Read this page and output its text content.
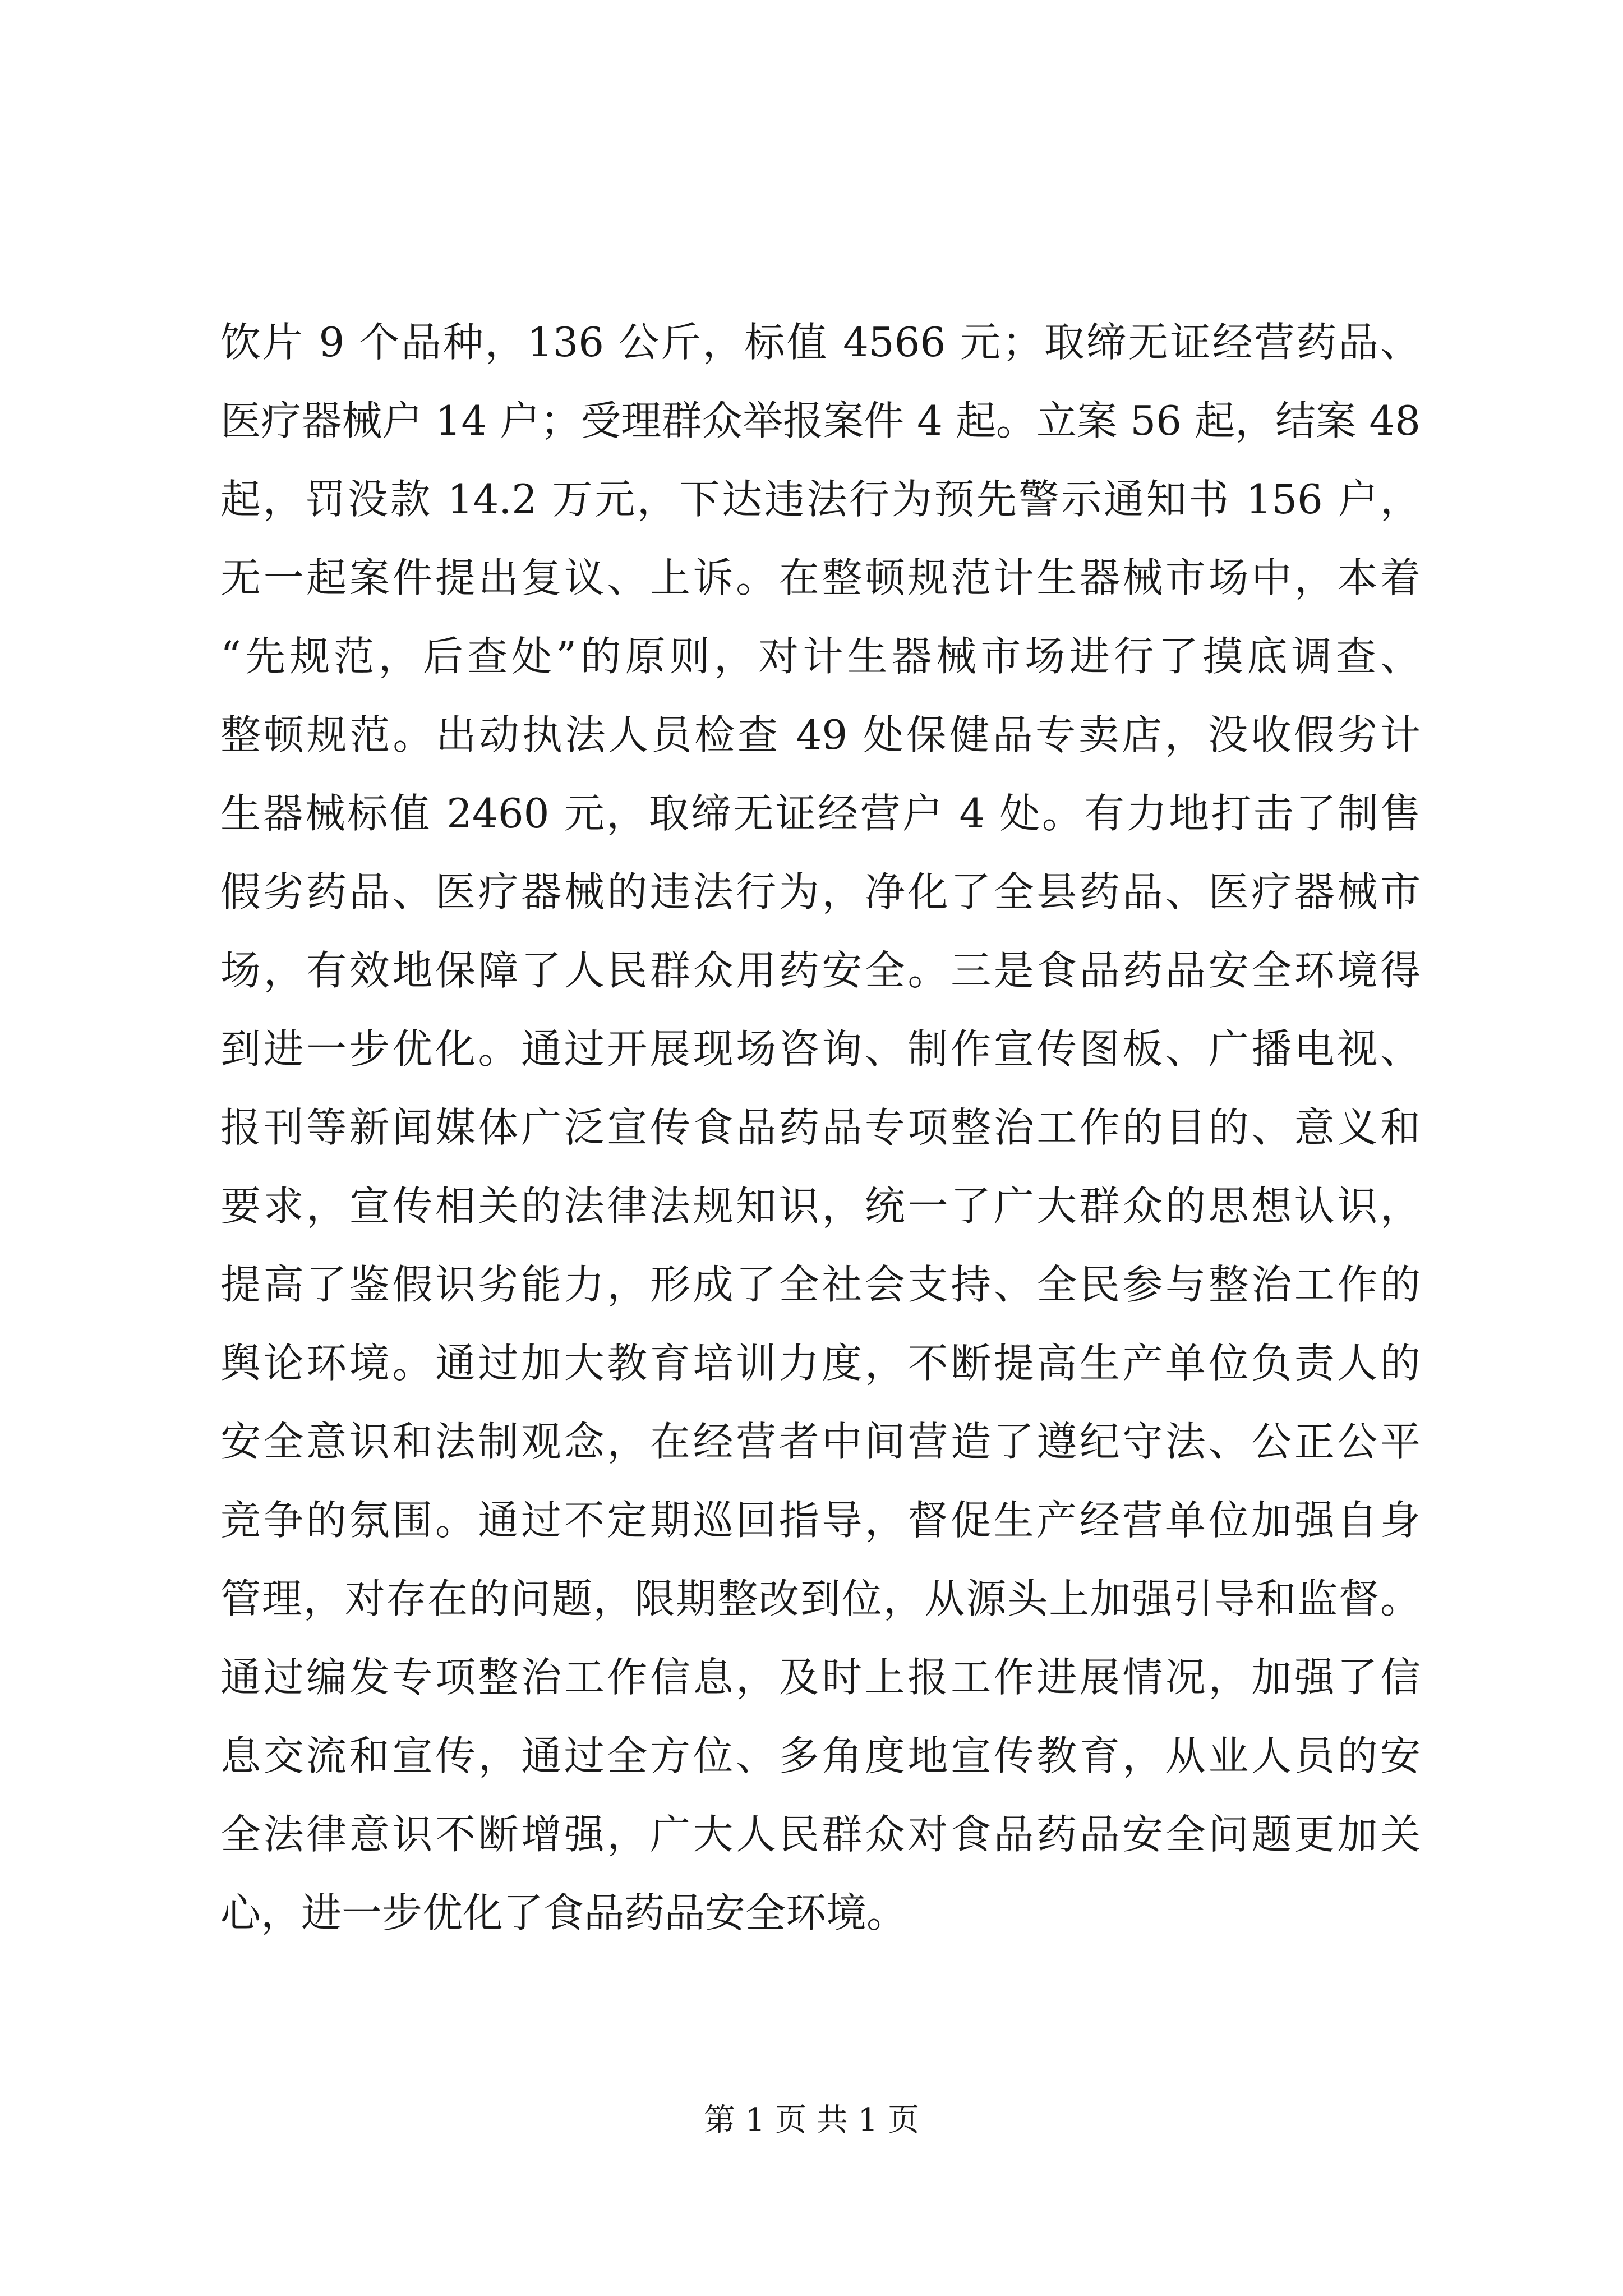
饮片 9 个品种，136 公斤，标值 4566 元；取缔无证经营药品、
医疗器械户 14 户；受理群众举报案件 4 起。立案 56 起，结案 48
起，罚没款 14.2 万元，下达违法行为预先警示通知书 156 户，
无一起案件提出复议、上诉。在整顿规范计生器械市场中，本着
“先规范，后查处”的原则，对计生器械市场进行了摸底调查、
整顿规范。出动执法人员检查 49 处保健品专卖店，没收假劣计
生器械标值 2460 元，取缔无证经营户 4 处。有力地打击了制售
假劣药品、医疗器械的违法行为，净化了全县药品、医疗器械市
场，有效地保障了人民群众用药安全。三是食品药品安全环境得
到进一步优化。通过开展现场咨询、制作宣传图板、广播电视、
报刊等新闻媒体广泛宣传食品药品专项整治工作的目的、意义和
要求，宣传相关的法律法规知识，统一了广大群众的思想认识，
提高了鉴假识劣能力，形成了全社会支持、全民参与整治工作的
舆论环境。通过加大教育培训力度，不断提高生产单位负责人的
安全意识和法制观念，在经营者中间营造了遵纪守法、公正公平
竞争的氛围。通过不定期巡回指导，督促生产经营单位加强自身
管理，对存在的问题，限期整改到位，从源头上加强引导和监督。
通过编发专项整治工作信息，及时上报工作进展情况，加强了信
息交流和宣传，通过全方位、多角度地宣传教育，从业人员的安
全法律意识不断增强，广大人民群众对食品药品安全问题更加关
心，进一步优化了食品药品安全环境。
第 1 页 共 1 页
